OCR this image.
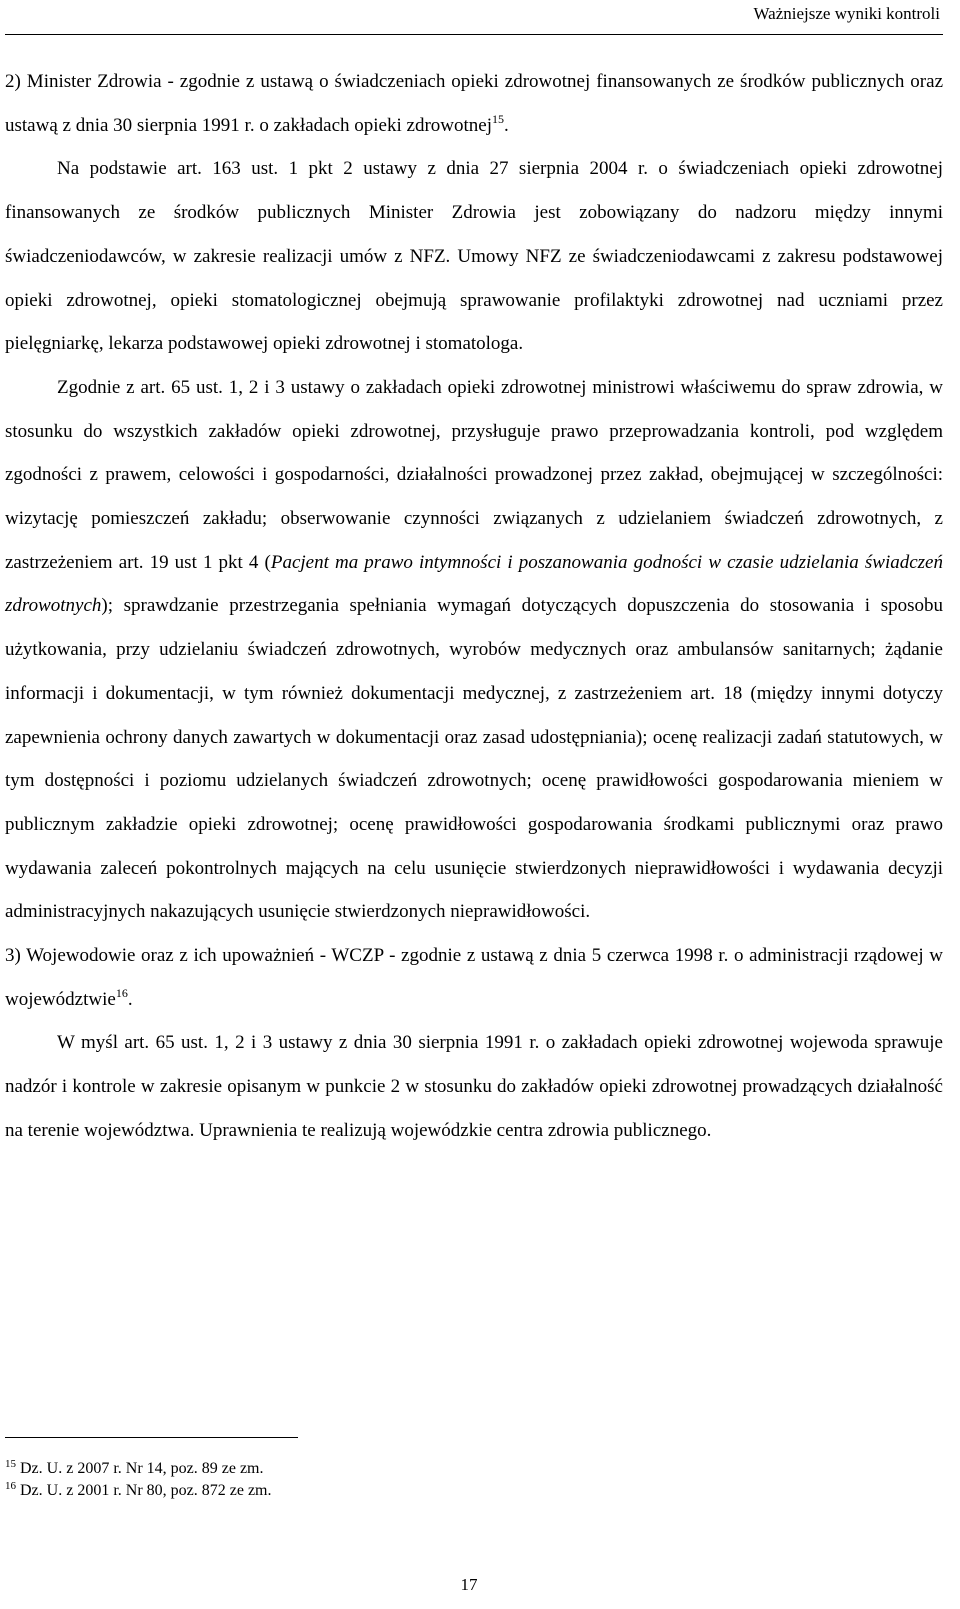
Ważniejsze wyniki kontroli

2) Minister Zdrowia - zgodnie z ustawą o świadczeniach opieki zdrowotnej finansowanych ze środków publicznych oraz ustawą z dnia 30 sierpnia 1991 r. o zakładach opieki zdrowotnej$^{15}$.

Na podstawie art. 163 ust. 1 pkt 2 ustawy z dnia 27 sierpnia 2004 r. o świadczeniach opieki zdrowotnej finansowanych ze środków publicznych Minister Zdrowia jest zobowiązany do nadzoru między innymi świadczeniodawców, w zakresie realizacji umów z NFZ. Umowy NFZ ze świadczeniodawcami z zakresu podstawowej opieki zdrowotnej, opieki stomatologicznej obejmują sprawowanie profilaktyki zdrowotnej nad uczniami przez pielęgniarkę, lekarza podstawowej opieki zdrowotnej i stomatologa.

Zgodnie z art. 65 ust. 1, 2 i 3 ustawy o zakładach opieki zdrowotnej ministrowi właściwemu do spraw zdrowia, w stosunku do wszystkich zakładów opieki zdrowotnej, przysługuje prawo przeprowadzania kontroli, pod względem zgodności z prawem, celowości i gospodarności, działalności prowadzonej przez zakład, obejmującej w szczególności: wizytację pomieszczeń zakładu; obserwowanie czynności związanych z udzielaniem świadczeń zdrowotnych, z zastrzeżeniem art. 19 ust 1 pkt 4 (Pacjent ma prawo intymności i poszanowania godności w czasie udzielania świadczeń zdrowotnych); sprawdzanie przestrzegania spełniania wymagań dotyczących dopuszczenia do stosowania i sposobu użytkowania, przy udzielaniu świadczeń zdrowotnych, wyrobów medycznych oraz ambulansów sanitarnych; żądanie informacji i dokumentacji, w tym również dokumentacji medycznej, z zastrzeżeniem art. 18 (między innymi dotyczy zapewnienia ochrony danych zawartych w dokumentacji oraz zasad udostępniania); ocenę realizacji zadań statutowych, w tym dostępności i poziomu udzielanych świadczeń zdrowotnych; ocenę prawidłowości gospodarowania mieniem w publicznym zakładzie opieki zdrowotnej; ocenę prawidłowości gospodarowania środkami publicznymi oraz prawo wydawania zaleceń pokontrolnych mających na celu usunięcie stwierdzonych nieprawidłowości i wydawania decyzji administracyjnych nakazujących usunięcie stwierdzonych nieprawidłowości.

3) Wojewodowie oraz z ich upoważnień - WCZP - zgodnie z ustawą z dnia 5 czerwca 1998 r. o administracji rządowej w województwie$^{16}$.

W myśl art. 65 ust. 1, 2 i 3 ustawy z dnia 30 sierpnia 1991 r. o zakładach opieki zdrowotnej wojewoda sprawuje nadzór i kontrole w zakresie opisanym w punkcie 2 w stosunku do zakładów opieki zdrowotnej prowadzących działalność na terenie województwa. Uprawnienia te realizują wojewódzkie centra zdrowia publicznego.

$^{15}$ Dz. U. z 2007 r. Nr 14, poz. 89 ze zm.

$^{16}$ Dz. U. z 2001 r. Nr 80, poz. 872 ze zm.

17
